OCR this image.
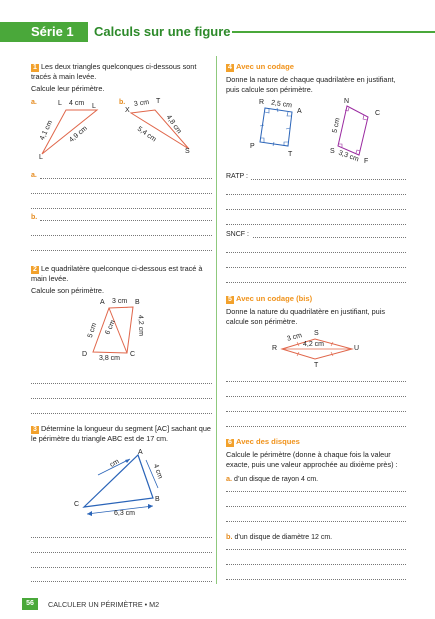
Série 1	Calculs sur une figure

1 Les deux triangles quelconques ci-dessous sont tracés à main levée.

Calcule leur périmètre.

a.	b.
L	L
L
4 cm
4,1 cm 4,9 cm
X
T
S
3 cm
4,8 cm
5,4 cm
a.
b.

2 Le quadrilatère quelconque ci-dessous est tracé à main levée.

Calcule son périmètre.

A	B
C
D
3 cm
4,2 cm
3,8 cm
5 cm 6 cm

3 Détermine la longueur du segment [AC] sachant que le périmètre du triangle ABC est de 17 cm.

A
B
C
cm	4 cm
6,3 cm

4 Avec un codage

Donne la nature de chaque quadrilatère en justifiant, puis calcule son périmètre.

R
A
P
T
2,5 cm	N
C
S
F
5 cm
3,3 cm
RATP :
SNCF :

5 Avec un codage (bis)

Donne la nature du quadrilatère en justifiant, puis calcule son périmètre.

R
S
U
T
3 cm
4,2 cm

6 Avec des disques

Calcule le périmètre (donne à chaque fois la valeur exacte, puis une valeur approchée au dixième près) :

a. d’un disque de rayon 4 cm.
b. d’un disque de diamètre 12 cm.
56	CALCULER UN PÉRIMÈTRE • M2
